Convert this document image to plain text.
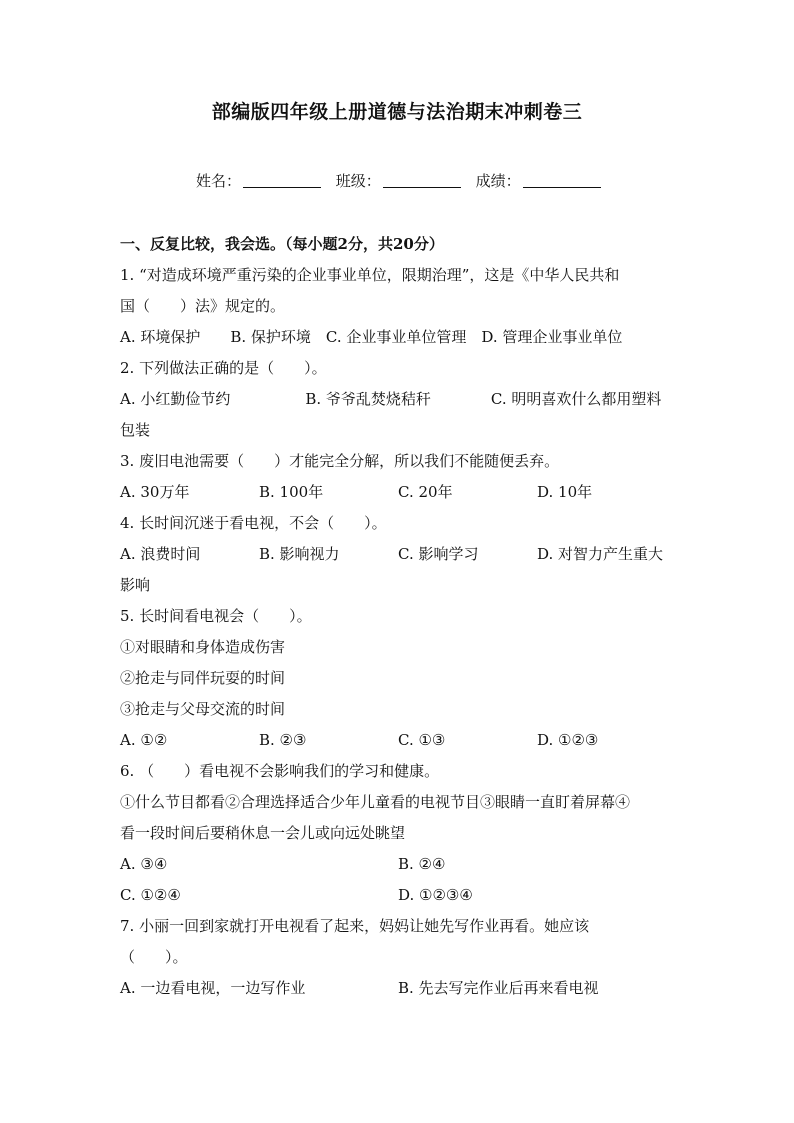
部编版四年级上册道德与法治期末冲刺卷三
姓名：	班级：	成绩：
一、反复比较，我会选。（每小题2分，共20分）
1. “对造成环境严重污染的企业事业单位，限期治理”，这是《中华人民共和
国（　　）法》规定的。
A. 环境保护　　B. 保护环境　C. 企业事业单位管理　D. 管理企业事业单位
2. 下列做法正确的是（　　）。
A. 小红勤俭节约　　　　　B. 爷爷乱焚烧秸秆　　　　C. 明明喜欢什么都用塑料
包装
3. 废旧电池需要（　　）才能完全分解，所以我们不能随便丢弃。
A. 30万年	B. 100年	C. 20年	D. 10年
4. 长时间沉迷于看电视，不会（　　）。
A. 浪费时间	B. 影响视力	C. 影响学习	D. 对智力产生重大
影响
5. 长时间看电视会（　　）。
①对眼睛和身体造成伤害
②抢走与同伴玩耍的时间
③抢走与父母交流的时间
A. ①②	B. ②③	C. ①③	D. ①②③
6. （　　）看电视不会影响我们的学习和健康。
①什么节目都看②合理选择适合少年儿童看的电视节目③眼睛一直盯着屏幕④
看一段时间后要稍休息一会儿或向远处眺望
A. ③④	B. ②④
C. ①②④	D. ①②③④
7. 小丽一回到家就打开电视看了起来，妈妈让她先写作业再看。她应该
（　　）。
A. 一边看电视，一边写作业	B. 先去写完作业后再来看电视
